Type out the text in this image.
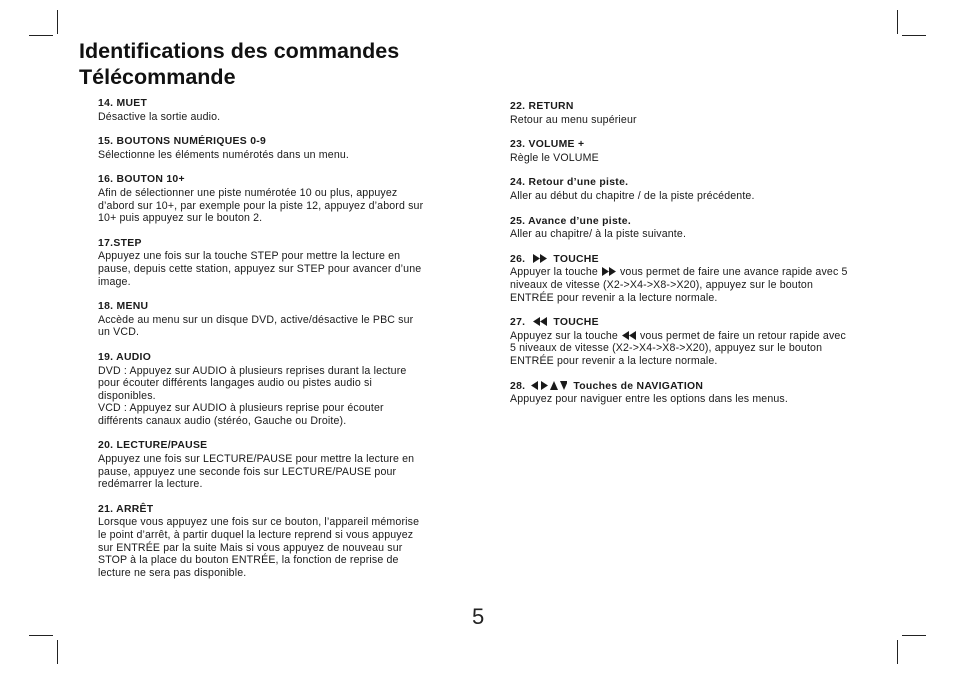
Identifications des commandes
Télécommande

14. MUET

Désactive la sortie audio.

15. BOUTONS NUMÉRIQUES 0-9

Sélectionne les éléments numérotés dans un menu.

16. BOUTON 10+

Afin de sélectionner une piste numérotée 10 ou plus, appuyez
d’abord sur 10+, par exemple pour la piste 12, appuyez d’abord sur
10+ puis appuyez sur le bouton 2.

17.STEP

Appuyez une fois sur la touche STEP pour mettre la lecture en
pause, depuis cette station, appuyez sur STEP pour avancer d’une
image.

18. MENU

Accède au menu sur un disque DVD, active/désactive le PBC sur
un VCD.

19. AUDIO

DVD : Appuyez sur AUDIO à plusieurs reprises durant la lecture
pour écouter différents langages audio ou pistes audio si
disponibles.
VCD : Appuyez sur AUDIO à plusieurs reprise pour écouter
différents canaux audio (stéréo, Gauche ou Droite).

20. LECTURE/PAUSE

Appuyez une fois sur LECTURE/PAUSE pour mettre la lecture en
pause, appuyez une seconde fois sur LECTURE/PAUSE pour
redémarrer la lecture.

21. ARRÊT

Lorsque vous appuyez une fois sur ce bouton, l’appareil mémorise
le point d’arrêt, à partir duquel la lecture reprend si vous appuyez
sur ENTRÉE par la suite Mais si vous appuyez de nouveau sur
STOP à la place du bouton ENTRÉE, la fonction de reprise de
lecture ne sera pas disponible.

22. RETURN

Retour au menu supérieur

23. VOLUME +

Règle le VOLUME

24. Retour d’une piste.

Aller au début du chapitre / de la piste précédente.

25. Avance d’une piste.

Aller au chapitre/ à la piste suivante.

26.	TOUCHE

Appuyer la touche vous permet de faire une avance rapide avec 5
niveaux de vitesse (X2->X4->X8->X20), appuyez sur le bouton
ENTRÉE pour revenir a la lecture normale.

27.	TOUCHE

Appuyez sur la touche vous permet de faire un retour rapide avec
5 niveaux de vitesse (X2->X4->X8->X20), appuyez sur le bouton
ENTRÉE pour revenir a la lecture normale.

28.	Touches de NAVIGATION

Appuyez pour naviguer entre les options dans les menus.

5
